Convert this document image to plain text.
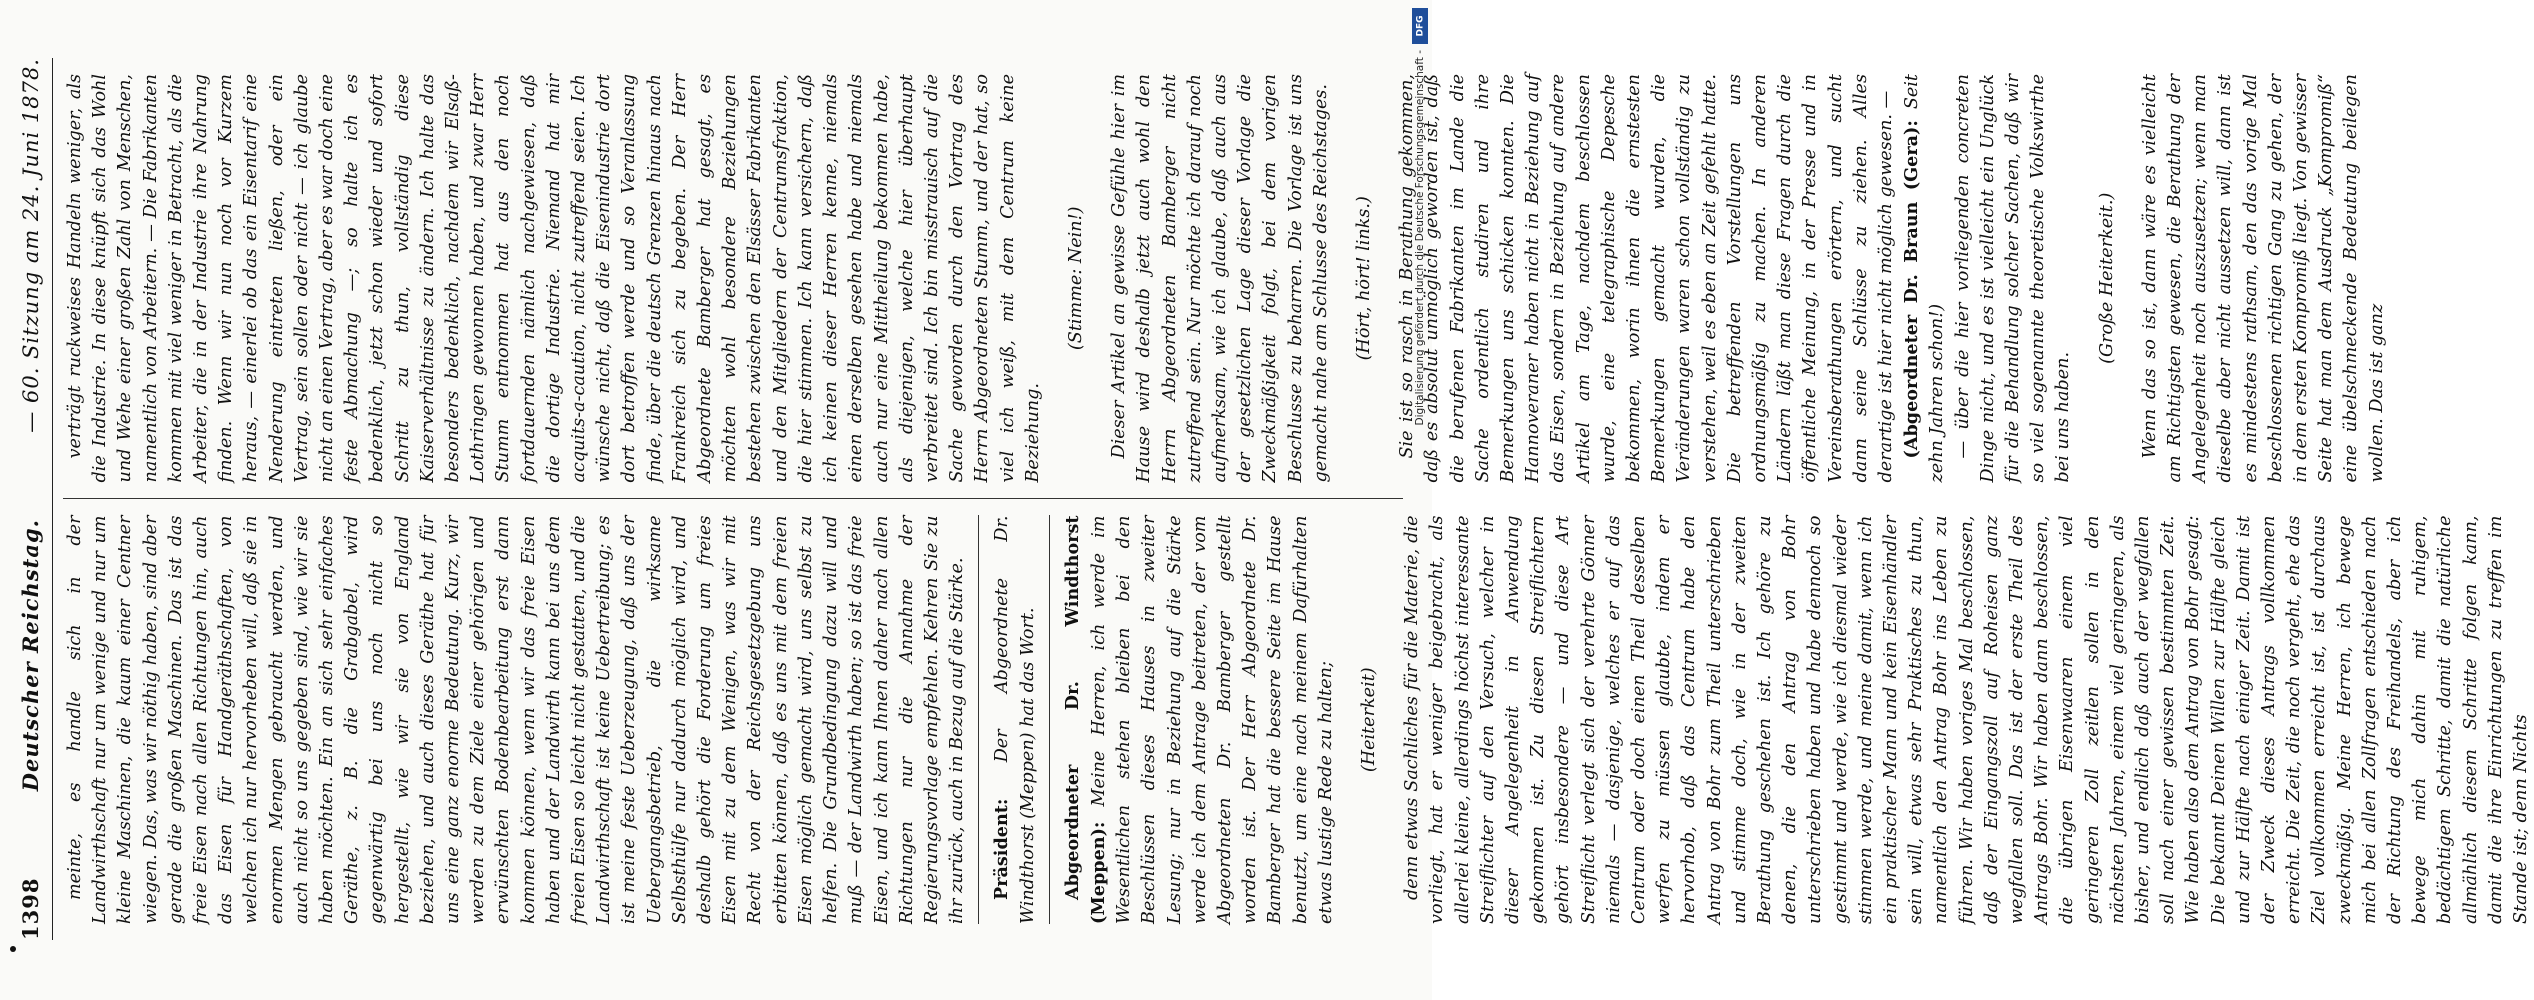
1398
Deutscher Reichstag.
— 60. Sitzung am 24. Juni 1878.

meinte, es handle sich in der Landwirthschaft nur um wenige und nur um kleine Maschinen, die kaum einer Centner wiegen. Das, was wir nöthig haben, sind aber gerade die großen Maschinen. Das ist das freie Eisen nach allen Richtungen hin, auch das Eisen für Handgeräthschaften, von welchen ich nur hervorheben will, daß sie in enormen Mengen gebraucht werden, und auch nicht so uns gegeben sind, wie wir sie haben möchten. Ein an sich sehr einfaches Geräthe, z. B. die Grabgabel, wird gegenwärtig bei uns noch nicht so hergestellt, wie wir sie von England beziehen, und auch dieses Geräthe hat für uns eine ganz enorme Bedeutung. Kurz, wir werden zu dem Ziele einer gehörigen und erwünschten Bodenbearbeitung erst dann kommen können, wenn wir das freie Eisen haben und der Landwirth kann bei uns dem freien Eisen so leicht nicht gestatten, und die Landwirthschaft ist keine Uebertreibung; es ist meine feste Ueberzeugung, daß uns der Uebergangsbetrieb, die wirksame Selbsthülfe nur dadurch möglich wird, und deshalb gehört die Forderung um freies Eisen mit zu dem Wenigen, was wir mit Recht von der Reichsgesetzgebung uns erbitten können, daß es uns mit dem freien Eisen möglich gemacht wird, uns selbst zu helfen. Die Grundbedingung dazu will und muß — der Landwirth haben; so ist das freie Eisen, und ich kann Ihnen daher nach allen Richtungen nur die Annahme der Regierungsvorlage empfehlen. Kehren Sie zu ihr zurück, auch in Bezug auf die Stärke. Präsident: Der Abgeordnete Dr. Windthorst (Meppen) hat das Wort. Abgeordneter Dr. Windthorst (Meppen): Meine Herren, ich werde im Wesentlichen stehen bleiben bei den Beschlüssen dieses Hauses in zweiter Lesung; nur in Beziehung auf die Stärke werde ich dem Antrage beitreten, der vom Abgeordneten Dr. Bamberger gestellt worden ist. Der Herr Abgeordnete Dr. Bamberger hat die bessere Seite im Hause benutzt, um eine nach meinem Dafürhalten etwas lustige Rede zu halten; (Heiterkeit) denn etwas Sachliches für die Materie, die vorliegt, hat er weniger beigebracht, als allerlei kleine, allerdings höchst interessante Streiflichter auf den Versuch, welcher in dieser Angelegenheit in Anwendung gekommen ist. Zu diesen Streiflichtern gehört insbesondere — und diese Art Streiflicht verlegt sich der verehrte Gönner niemals — dasjenige, welches er auf das Centrum oder doch einen Theil desselben werfen zu müssen glaubte, indem er hervorhob, daß das Centrum habe den Antrag von Bohr zum Theil unterschrieben und stimme doch, wie in der zweiten Berathung geschehen ist. Ich gehöre zu denen, die den Antrag von Bohr unterschrieben haben und habe dennoch so gestimmt und werde, wie ich diesmal wieder stimmen werde, und meine damit, wenn ich ein praktischer Mann und kein Eisenhändler sein will, etwas sehr Praktisches zu thun, namentlich den Antrag Bohr ins Leben zu führen. Wir haben voriges Mal beschlossen, daß der Eingangszoll auf Roheisen ganz wegfallen soll. Das ist der erste Theil des Antrags Bohr. Wir haben dann beschlossen, die übrigen Eisenwaaren einem viel geringeren Zoll zeitlen sollen in den nächsten Jahren, einem viel geringeren, als bisher, und endlich daß auch der wegfallen soll nach einer gewissen bestimmten Zeit. Wie haben also dem Antrag von Bohr gesagt: Die bekannt Deinen Willen zur Hälfte gleich und zur Hälfte nach einiger Zeit. Damit ist der Zweck dieses Antrags vollkommen erreicht. Die Zeit, die noch vergeht, ehe das Ziel vollkommen erreicht ist, ist durchaus zweckmäßig. Meine Herren, ich bewege mich bei allen Zollfragen entschieden nach der Richtung des Freihandels, aber ich bewege mich dahin mit ruhigem, bedächtigem Schritte, damit die natürliche allmählich diesem Schritte folgen kann, damit die ihre Einrichtungen zu treffen im Stande ist; denn Nichts

verträgt ruckweises Handeln weniger, als die Industrie. In diese knüpft sich das Wohl und Wehe einer großen Zahl von Menschen, namentlich von Arbeitern. — Die Fabrikanten kommen mit viel weniger in Betracht, als die Arbeiter, die in der Industrie ihre Nahrung finden. Wenn wir nun noch vor Kurzem heraus, — einerlei ob das ein Eisentarif eine Nenderung eintreten ließen, oder ein Vertrag, sein sollen oder nicht — ich glaube nicht an einen Vertrag, aber es war doch eine feste Abmachung —; so halte ich es bedenklich, jetzt schon wieder und sofort Schritt zu thun, vollständig diese Kaiserverhältnisse zu ändern. Ich halte das besonders bedenklich, nachdem wir Elsaß-Lothringen gewonnen haben, und zwar Herr Stumm entnommen hat aus den noch fortdauernden nämlich nachgewiesen, daß die dortige Industrie. Niemand hat mir acquits-a-caution, nicht zutreffend seien. Ich wünsche nicht, daß die Eisenindustrie dort dort betroffen werde und so Veranlassung finde, über die deutsch Grenzen hinaus nach Frankreich sich zu begeben. Der Herr Abgeordnete Bamberger hat gesagt, es möchten wohl besondere Beziehungen bestehen zwischen den Elsässer Fabrikanten und den Mitgliedern der Centrumsfraktion, die hier stimmen. Ich kann versichern, daß ich keinen dieser Herren kenne, niemals einen derselben gesehen habe und niemals auch nur eine Mittheilung bekommen habe, als diejenigen, welche hier überhaupt verbreitet sind. Ich bin misstrauisch auf die Sache geworden durch den Vortrag des Herrn Abgeordneten Stumm, und der hat, so viel ich weiß, mit dem Centrum keine Beziehung.

(Stimme: Nein!) Dieser Artikel an gewisse Gefühle hier im Hause wird deshalb jetzt auch wohl den Herrn Abgeordneten Bamberger nicht zutreffend sein. Nur möchte ich darauf noch aufmerksam, wie ich glaube, daß auch aus der gesetzlichen Lage dieser Vorlage die Zweckmäßigkeit folgt, bei dem vorigen Beschlusse zu beharren. Die Vorlage ist uns gemacht nahe am Schlusse des Reichstages. (Hört, hört! links.) Sie ist so rasch in Berathung gekommen, daß es absolut unmöglich geworden ist, daß die berufenen Fabrikanten im Lande die Sache ordentlich studiren und ihre Bemerkungen uns schicken konnten. Die Hannoveraner haben nicht in Beziehung auf das Eisen, sondern in Beziehung auf andere Artikel am Tage, nachdem beschlossen wurde, eine telegraphische Depesche bekommen, worin ihnen die ernstesten Bemerkungen gemacht wurden, die Veränderungen waren schon vollständig zu verstehen, weil es eben an Zeit gefehlt hatte. Die betreffenden Vorstellungen uns ordnungsmäßig zu machen. In anderen Ländern läßt man diese Fragen durch die öffentliche Meinung, in der Presse und in Vereinsberathungen erörtern, und sucht dann seine Schlüsse zu ziehen. Alles derartige ist hier nicht möglich gewesen. — (Abgeordneter Dr. Braun (Gera): Seit zehn Jahren schon!) — über die hier vorliegenden concreten Dinge nicht, und es ist vielleicht ein Unglück für die Behandlung solcher Sachen, daß wir so viel sogenannte theoretische Volkswirthe bei uns haben.

(Große Heiterkeit.) Wenn das so ist, dann wäre es vielleicht am Richtigsten gewesen, die Berathung der Angelegenheit noch auszusetzen; wenn man dieselbe aber nicht aussetzen will, dann ist es mindestens rathsam, den das vorige Mal beschlossenen richtigen Gang zu gehen, der in dem ersten Kompromiß liegt. Von gewisser Seite hat man dem Ausdruck „Kompromiß“ eine übelschmeckende Bedeutung beilegen wollen. Das ist ganz

DFG
Digitalisierung gefördert durch die Deutsche Forschungsgemeinschaft -
